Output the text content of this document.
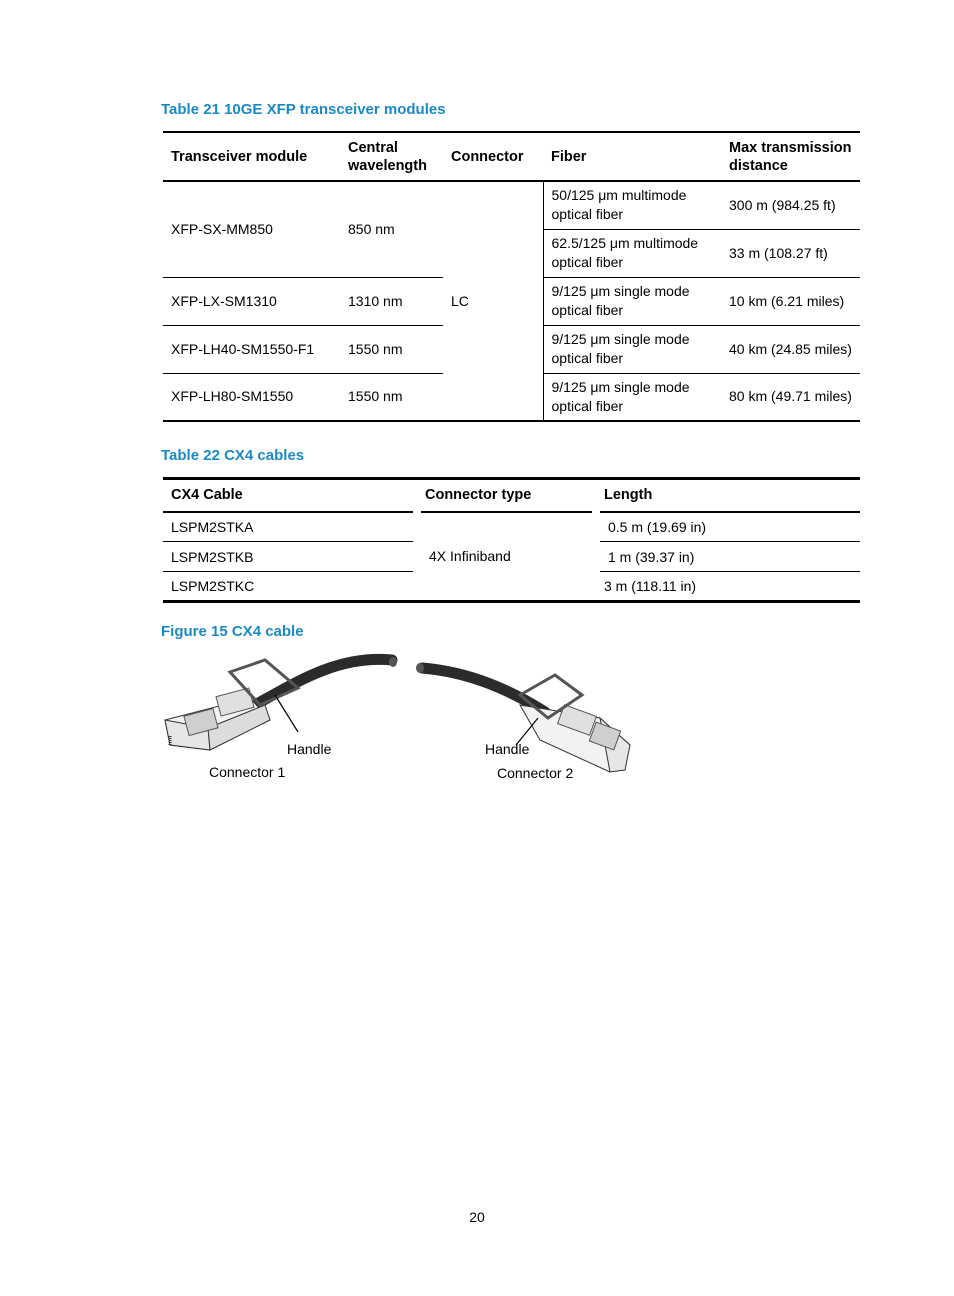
Table 21 10GE XFP transceiver modules
Transceiver module	Central wavelength	Connector	Fiber	Max transmission distance
XFP-SX-MM850	850 nm	LC	50/125 μm multimode optical fiber	300 m (984.25 ft)
			62.5/125 μm multimode optical fiber	33 m (108.27 ft)
XFP-LX-SM1310	1310 nm		9/125 μm single mode optical fiber	10 km (6.21 miles)
XFP-LH40-SM1550-F1	1550 nm		9/125 μm single mode optical fiber	40 km (24.85 miles)
XFP-LH80-SM1550	1550 nm		9/125 μm single mode optical fiber	80 km (49.71 miles)
Table 22 CX4 cables
CX4 Cable	Connector type	Length
LSPM2STKA	4X Infiniband	0.5 m (19.69 in)
LSPM2STKB		1 m (39.37 in)
LSPM2STKC		3 m (118.11 in)
Figure 15 CX4 cable
Handle
Connector 1
Handle
Connector 2
20
